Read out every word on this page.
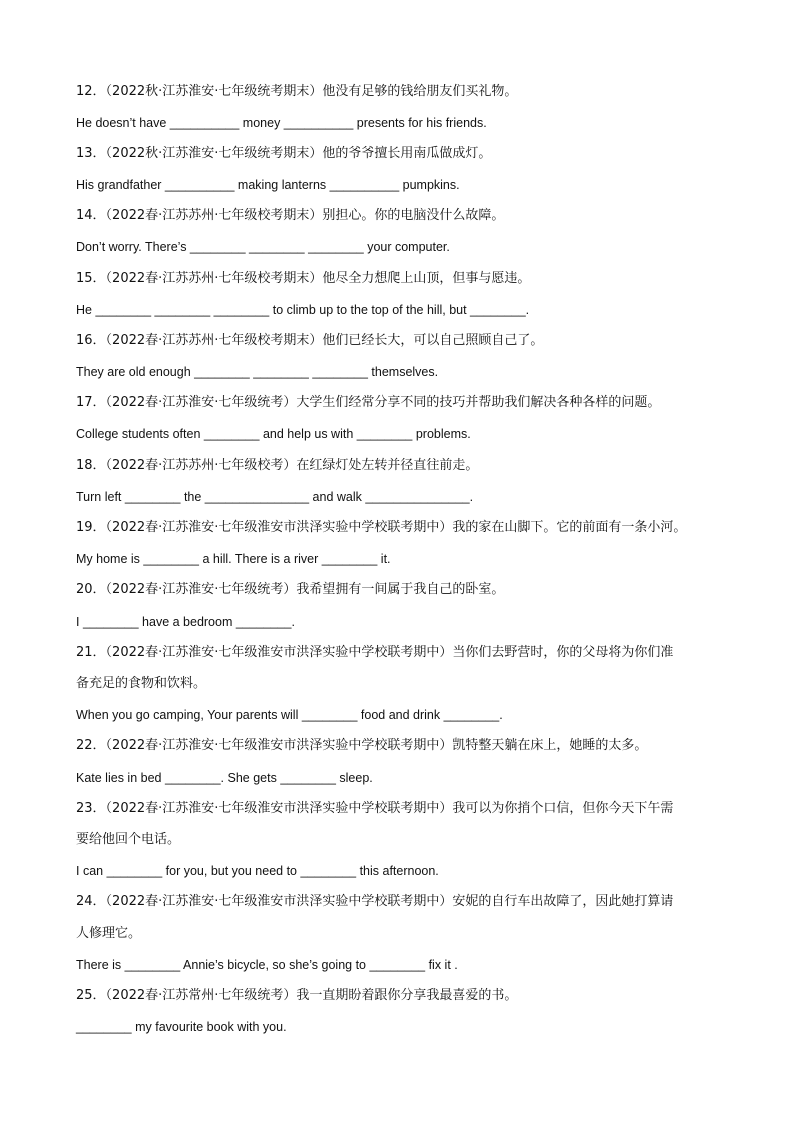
12．（2022秋·江苏淮安·七年级统考期末）他没有足够的钱给朋友们买礼物。
He doesn’t have __________ money __________ presents for his friends.
13．（2022秋·江苏淮安·七年级统考期末）他的爷爷擅长用南瓜做成灯。
His grandfather __________ making lanterns __________ pumpkins.
14．（2022春·江苏苏州·七年级校考期末）别担心。你的电脑没什么故障。
Don’t worry. There’s ________ ________ ________ your computer.
15．（2022春·江苏苏州·七年级校考期末）他尽全力想爬上山顶，但事与愿违。
He ________ ________ ________ to climb up to the top of the hill, but ________.
16．（2022春·江苏苏州·七年级校考期末）他们已经长大，可以自己照顾自己了。
They are old enough ________ ________ ________ themselves.
17．（2022春·江苏淮安·七年级统考）大学生们经常分享不同的技巧并帮助我们解决各种各样的问题。
College students often ________ and help us with ________ problems.
18．（2022春·江苏苏州·七年级校考）在红绿灯处左转并径直往前走。
Turn left ________ the _______________ and walk _______________.
19．（2022春·江苏淮安·七年级淮安市洪泽实验中学校联考期中）我的家在山脚下。它的前面有一条小河。
My home is ________ a hill. There is a river ________ it.
20．（2022春·江苏淮安·七年级统考）我希望拥有一间属于我自己的卧室。
I ________ have a bedroom ________.
21．（2022春·江苏淮安·七年级淮安市洪泽实验中学校联考期中）当你们去野营时，你的父母将为你们准
备充足的食物和饮料。
When you go camping, Your parents will ________ food and drink ________.
22．（2022春·江苏淮安·七年级淮安市洪泽实验中学校联考期中）凯特整天躺在床上，她睡的太多。
Kate lies in bed ________. She gets ________ sleep.
23．（2022春·江苏淮安·七年级淮安市洪泽实验中学校联考期中）我可以为你捎个口信，但你今天下午需
要给他回个电话。
I can ________ for you, but you need to ________ this afternoon.
24．（2022春·江苏淮安·七年级淮安市洪泽实验中学校联考期中）安妮的自行车出故障了，因此她打算请
人修理它。
There is ________ Annie’s bicycle, so she’s going to ________ fix it .
25．（2022春·江苏常州·七年级统考）我一直期盼着跟你分享我最喜爱的书。
________ my favourite book with you.
